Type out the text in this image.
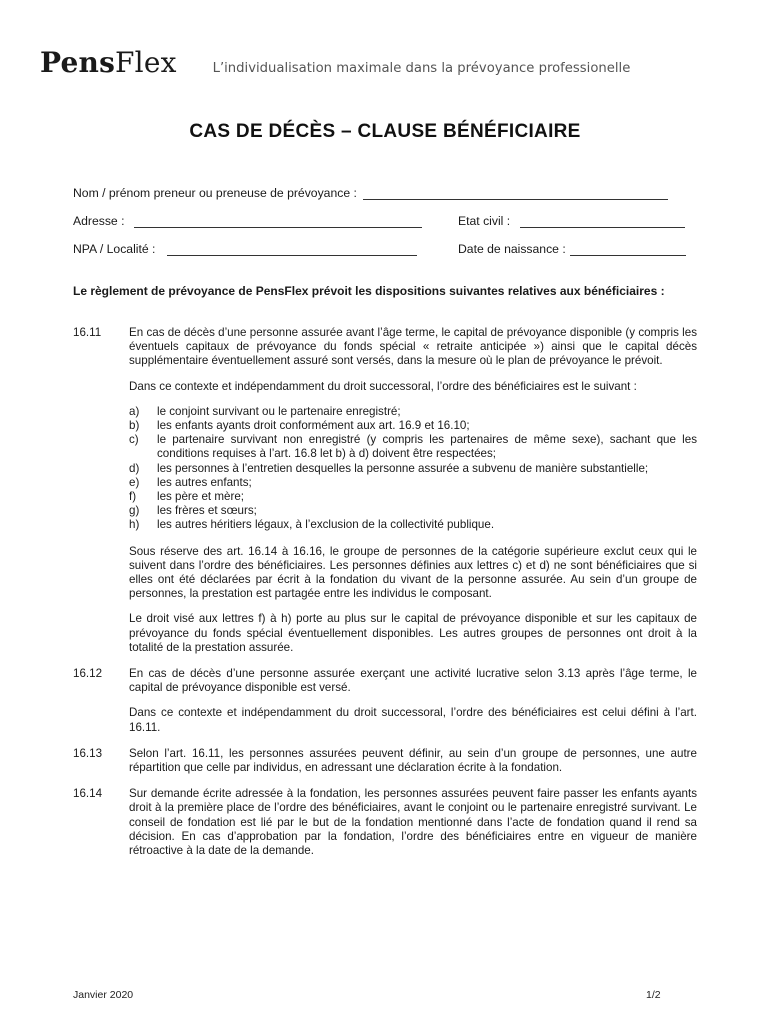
PensFlex	L’individualisation maximale dans la prévoyance professionelle
CAS DE DÉCÈS – CLAUSE BÉNÉFICIAIRE
Nom / prénom preneur ou preneuse de prévoyance :
Adresse :	Etat civil :
NPA / Localité :	Date de naissance :
Le règlement de prévoyance de PensFlex prévoit les dispositions suivantes relatives aux bénéficiaires :
16.11	En cas de décès d’une personne assurée avant l’âge terme, le capital de prévoyance disponible (y compris les éventuels capitaux de prévoyance du fonds spécial « retraite anticipée ») ainsi que le capital décès supplémentaire éventuellement assuré sont versés, dans la mesure où le plan de prévoyance le prévoit.

Dans ce contexte et indépendamment du droit successoral, l’ordre des bénéficiaires est le suivant :

a)	le conjoint survivant ou le partenaire enregistré;
b)	les enfants ayants droit conformément aux art. 16.9 et 16.10;
c)	le partenaire survivant non enregistré (y compris les partenaires de même sexe), sachant que les conditions requises à l’art. 16.8 let b) à d) doivent être respectées;
d)	les personnes à l’entretien desquelles la personne assurée a subvenu de manière substantielle;
e)	les autres enfants;
f)	les père et mère;
g)	les frères et sœurs;
h)	les autres héritiers légaux, à l’exclusion de la collectivité publique.

Sous réserve des art. 16.14 à 16.16, le groupe de personnes de la catégorie supérieure exclut ceux qui le suivent dans l’ordre des bénéficiaires. Les personnes définies aux lettres c) et d) ne sont bénéficiaires que si elles ont été déclarées par écrit à la fondation du vivant de la personne assurée. Au sein d’un groupe de personnes, la prestation est partagée entre les individus le composant.

Le droit visé aux lettres f) à h) porte au plus sur le capital de prévoyance disponible et sur les capitaux de prévoyance du fonds spécial éventuellement disponibles. Les autres groupes de personnes ont droit à la totalité de la prestation assurée.

16.12	En cas de décès d’une personne assurée exerçant une activité lucrative selon 3.13 après l’âge terme, le capital de prévoyance disponible est versé.

Dans ce contexte et indépendamment du droit successoral, l’ordre des bénéficiaires est celui défini à l’art. 16.11.

16.13	Selon l’art. 16.11, les personnes assurées peuvent définir, au sein d’un groupe de personnes, une autre répartition que celle par individus, en adressant une déclaration écrite à la fondation.

16.14	Sur demande écrite adressée à la fondation, les personnes assurées peuvent faire passer les enfants ayants droit à la première place de l’ordre des bénéficiaires, avant le conjoint ou le partenaire enregistré survivant. Le conseil de fondation est lié par le but de la fondation mentionné dans l’acte de fondation quand il rend sa décision. En cas d’approbation par la fondation, l’ordre des bénéficiaires entre en vigueur de manière rétroactive à la date de la demande.

Janvier 2020	1/2
